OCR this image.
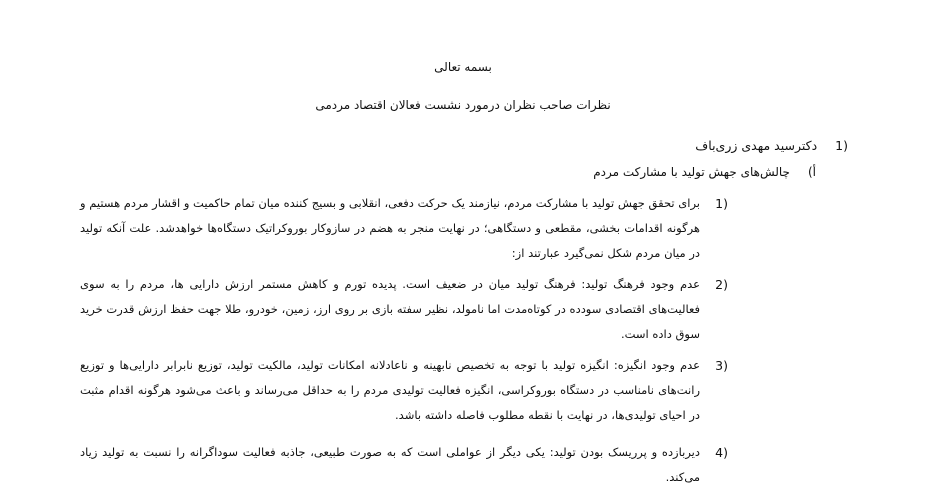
بسمه تعالی
نظرات صاحب نظران درمورد نشست فعالان اقتصاد مردمی
1)دکترسید مهدی زری‌باف
أ)چالش‌های جهش تولید با مشارکت مردم
1)
برای تحقق جهش تولید با مشارکت مردم، نیازمند یک حرکت دفعی، انقلابی و بسیج کننده میان تمام حاکمیت و اقشار مردم هستیم و هرگونه اقدامات بخشی، مقطعی و دستگاهی؛ در نهایت منجر به هضم در سازوکار بوروکراتیک دستگاه‌ها خواهدشد. علت آنکه تولید در میان مردم شکل نمی‌گیرد عبارتند از:
2)
عدم وجود فرهنگ تولید: فرهنگ تولید میان در ضعیف است. پدیده تورم و کاهش مستمر ارزش دارایی ها، مردم را به سوی فعالیت‌های اقتصادی سودده در کوتاه‌مدت اما نامولد، نظیر سفته بازی بر روی ارز، زمین، خودرو، طلا جهت حفظ ارزش قدرت خرید سوق داده است.
3)
عدم وجود انگیزه: انگیزه تولید با توجه به تخصیص نابهینه و ناعادلانه امکانات تولید، مالکیت تولید، توزیع نابرابر دارایی‌ها و توزیع رانت‌های نامناسب در دستگاه بوروکراسی، انگیزه فعالیت تولیدی مردم را به حداقل می‌رساند و باعث می‌شود هرگونه اقدام مثبت در احیای تولیدی‌ها، در نهایت با نقطه مطلوب فاصله داشته باشد.
4)
دیربازده و پرریسک بودن تولید: یکی دیگر از عواملی است که به صورت طبیعی، جاذبه فعالیت سوداگرانه را نسبت به تولید زیاد می‌کند.
